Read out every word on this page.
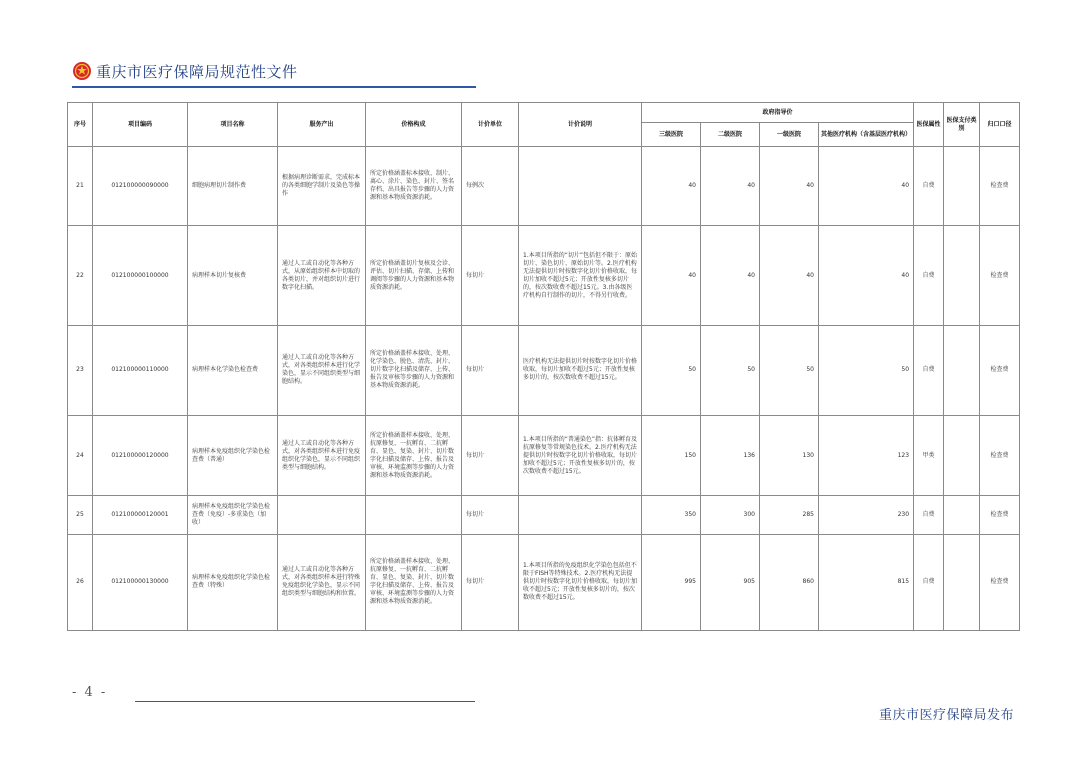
重庆市医疗保障局规范性文件
序号	项目编码	项目名称	服务产出	价格构成	计价单位	计价说明	政府指导价				医保属性	医保支付类别	归口口径
							三级医院	二级医院	一级医院	其他医疗机构（含基层医疗机构）			
21	012100000090000	细胞病理切片制作费	根据病理诊断需求，完成标本的各类细胞学制片及染色等操作	所定价格涵盖标本接收、制片、离心、涂片、染色、封片、签名存档、出具报告等步骤的人力资源和基本物质资源消耗。	每例次		40	40	40	40	自费		检查费
22	012100000100000	病理样本切片复核费	通过人工或自动化等各种方式，从原始组织样本中切取的各类切片，并对组织切片进行数字化扫描。	所定价格涵盖切片复核及会诊、评估、切片扫描、存储、上传和调阅等步骤的人力资源和基本物质资源消耗。	每切片	1.本项目所指的“切片”包括但不限于：原始切片、染色切片、原始切片等。2.医疗机构无法提供切片时按数字化切片价格收取，每切片加收不超过5元；开放性复核多切片的，按次数收费不超过15元。3.由各级医疗机构自行制作的切片，不得另行收费。	40	40	40	40	自费		检查费
23	012100000110000	病理样本化学染色检查费	通过人工或自动化等各种方式，对各类组织样本进行化学染色，显示不同组织类型与细胞结构。	所定价格涵盖样本接收、处理、化学染色、脱色、清洗、封片、切片数字化扫描及储存、上传、报告及审核等步骤的人力资源和基本物质资源消耗。	每切片	医疗机构无法提供切片时按数字化切片价格收取，每切片加收不超过5元；开放性复核多切片的，按次数收费不超过15元。	50	50	50	50	自费		检查费
24	012100000120000	病理样本免疫组织化学染色检查费（普通）	通过人工或自动化等各种方式，对各类组织样本进行免疫组织化学染色，显示不同组织类型与细胞结构。	所定价格涵盖样本接收、处理、抗原修复、一抗孵育、二抗孵育、显色、复染、封片、切片数字化扫描及储存、上传、报告及审核、环境监测等步骤的人力资源和基本物质资源消耗。	每切片	1.本项目所指的“普通染色”指：抗体孵育及抗原修复等常规染色技术。2.医疗机构无法提供切片时按数字化切片价格收取，每切片加收不超过5元；开放性复核多切片的，按次数收费不超过15元。	150	136	130	123	甲类		检查费
25	012100000120001	病理样本免疫组织化学染色检查费（免疫）-多重染色（加收）			每切片		350	300	285	230	自费		检查费
26	012100000130000	病理样本免疫组织化学染色检查费（特殊）	通过人工或自动化等各种方式，对各类组织样本进行特殊免疫组织化学染色，显示不同组织类型与细胞结构和位置。	所定价格涵盖样本接收、处理、抗原修复、一抗孵育、二抗孵育、显色、复染、封片、切片数字化扫描及储存、上传、报告及审核、环境监测等步骤的人力资源和基本物质资源消耗。	每切片	1.本项目所指的免疫组织化学染色包括但不限于FISH等特殊技术。2.医疗机构无法提供切片时按数字化切片价格收取，每切片加收不超过5元；开放性复核多切片的，按次数收费不超过15元。	995	905	860	815	自费		检查费
- 4 -
重庆市医疗保障局发布
